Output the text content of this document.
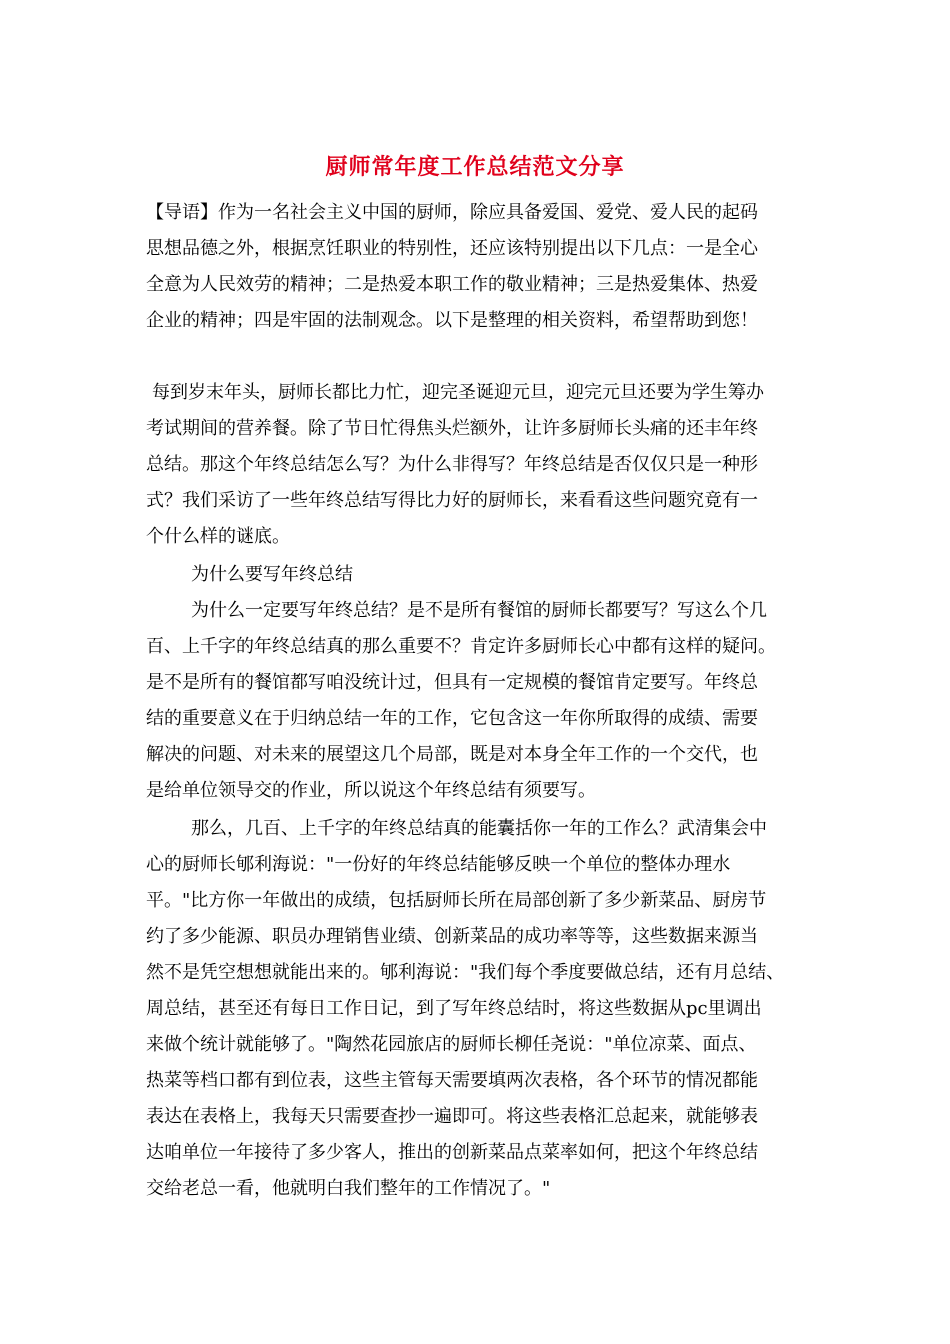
厨师常年度工作总结范文分享

【导语】作为一名社会主义中国的厨师，除应具备爱国、爱党、爱人民的起码

思想品德之外，根据烹饪职业的特别性，还应该特别提出以下几点：一是全心

全意为人民效劳的精神；二是热爱本职工作的敬业精神；三是热爱集体、热爱

企业的精神；四是牢固的法制观念。以下是整理的相关资料，希望帮助到您！

每到岁末年头，厨师长都比力忙，迎完圣诞迎元旦，迎完元旦还要为学生筹办

考试期间的营养餐。除了节日忙得焦头烂额外，让许多厨师长头痛的还丰年终

总结。那这个年终总结怎么写？为什么非得写？年终总结是否仅仅只是一种形

式？我们采访了一些年终总结写得比力好的厨师长，来看看这些问题究竟有一

个什么样的谜底。

为什么要写年终总结

为什么一定要写年终总结？是不是所有餐馆的厨师长都要写？写这么个几

百、上千字的年终总结真的那么重要不？肯定许多厨师长心中都有这样的疑问。

是不是所有的餐馆都写咱没统计过，但具有一定规模的餐馆肯定要写。年终总

结的重要意义在于归纳总结一年的工作，它包含这一年你所取得的成绩、需要

解决的问题、对未来的展望这几个局部，既是对本身全年工作的一个交代，也

是给单位领导交的作业，所以说这个年终总结有须要写。

那么，几百、上千字的年终总结真的能囊括你一年的工作么？武清集会中

心的厨师长郇利海说："一份好的年终总结能够反映一个单位的整体办理水

平。"比方你一年做出的成绩，包括厨师长所在局部创新了多少新菜品、厨房节

约了多少能源、职员办理销售业绩、创新菜品的成功率等等，这些数据来源当

然不是凭空想想就能出来的。郇利海说："我们每个季度要做总结，还有月总结、

周总结，甚至还有每日工作日记，到了写年终总结时，将这些数据从pc里调出

来做个统计就能够了。"陶然花园旅店的厨师长柳任尧说："单位凉菜、面点、

热菜等档口都有到位表，这些主管每天需要填两次表格，各个环节的情况都能

表达在表格上，我每天只需要查抄一遍即可。将这些表格汇总起来，就能够表

达咱单位一年接待了多少客人，推出的创新菜品点菜率如何，把这个年终总结

交给老总一看，他就明白我们整年的工作情况了。"
